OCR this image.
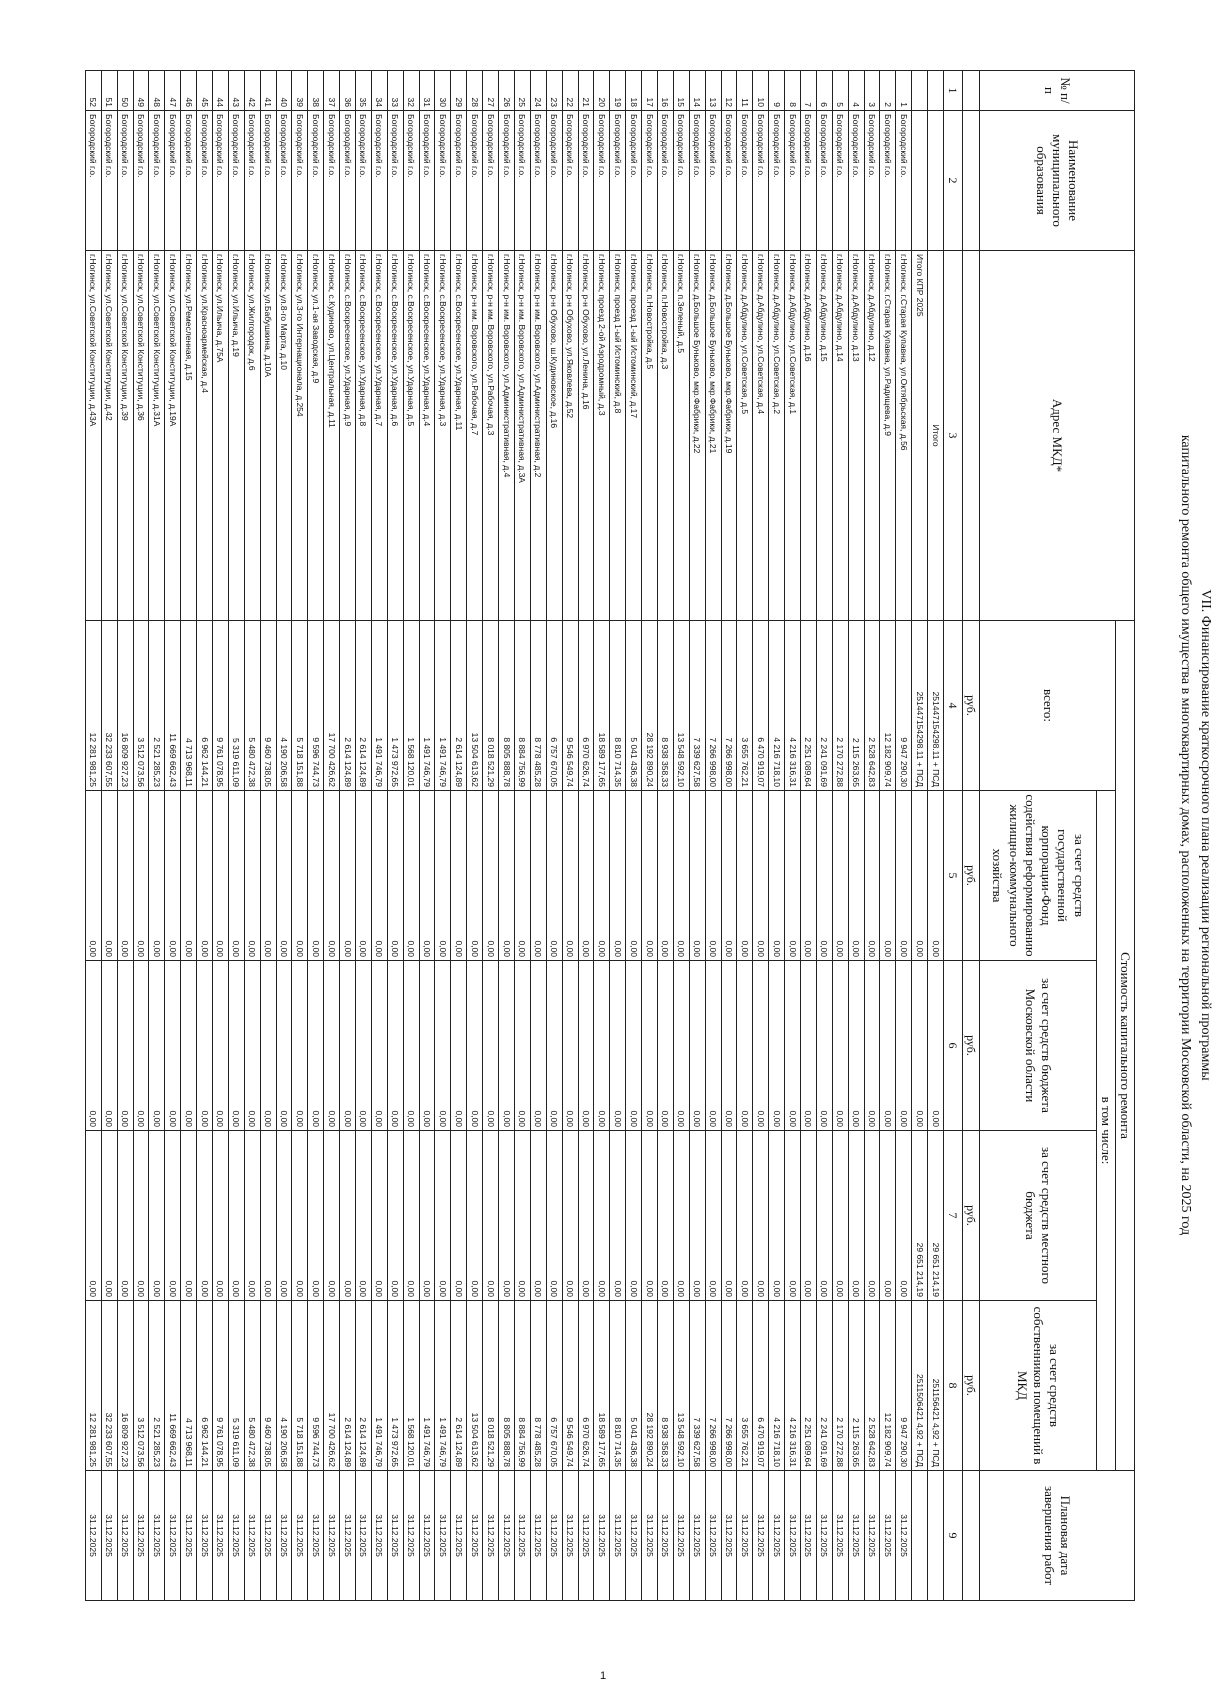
VII. Финансирование краткосрочного плана реализации региональной программы
капитального ремонта общего имущества в многоквартирных домах, расположенных на территории Московской области, на 2025 год
№ п/п	Наименование муниципального образования	Адрес МКД*	Стоимость капитального ремонта					Плановая дата завершения работ
			всего:	в том числе:				
				за счет средств государственной корпорации-Фонд содействия реформированию жилищно-коммунального хозяйства	за счет средств бюджета Московской области	за счет средств местного бюджета	за счет средств собственников помещений в МКД	
			руб.	руб.	руб.	руб.	руб.	
1	2	3	4	5	6	7	8	9
		Итого	251447154298.11 + ПСД	0,00	0,00	29 651 214,19	251156421 4,92 + ПСД	
		Итого КПР 2025	251447154298.11 + ПСД	0,00	0,00	29 651 214,19	2511506421 4,92 + ПСД	
1	Богородский г.о.	г.Ногинск, г.Старая Купавна, ул.Октябрьская, д.56	9 947 290,30	0,00	0,00	0,00	9 947 290,30	31.12.2025
2	Богородский г.о.	г.Ногинск, г.Старая Купавна, ул.Радищева, д.9	12 182 909,74	0,00	0,00	0,00	12 182 909,74	31.12.2025
3	Богородский г.о.	г.Ногинск, д.Абдулино, д.12	2 528 642,83	0,00	0,00	0,00	2 528 642,83	31.12.2025
4	Богородский г.о.	г.Ногинск, д.Абдулино, д.13	2 115 263,65	0,00	0,00	0,00	2 115 263,65	31.12.2025
5	Богородский г.о.	г.Ногинск, д.Абдулино, д.14	2 170 272,88	0,00	0,00	0,00	2 170 272,88	31.12.2025
6	Богородский г.о.	г.Ногинск, д.Абдулино, д.15	2 241 091,69	0,00	0,00	0,00	2 241 091,69	31.12.2025
7	Богородский г.о.	г.Ногинск, д.Абдулино, д.16	2 251 089,64	0,00	0,00	0,00	2 251 089,64	31.12.2025
8	Богородский г.о.	г.Ногинск, д.Абдулино, ул.Советская, д.1	4 216 316,31	0,00	0,00	0,00	4 216 316,31	31.12.2025
9	Богородский г.о.	г.Ногинск, д.Абдулино, ул.Советская, д.2	4 216 718,10	0,00	0,00	0,00	4 216 718,10	31.12.2025
10	Богородский г.о.	г.Ногинск, д.Абдулино, ул.Советская, д.4	6 470 919,07	0,00	0,00	0,00	6 470 919,07	31.12.2025
11	Богородский г.о.	г.Ногинск, д.Абдулино, ул.Советская, д.5	3 655 762,21	0,00	0,00	0,00	3 655 762,21	31.12.2025
12	Богородский г.о.	г.Ногинск, д.Большое Буньково, мкр.Фабрики, д.19	7 266 998,00	0,00	0,00	0,00	7 266 998,00	31.12.2025
13	Богородский г.о.	г.Ногинск, д.Большое Буньково, мкр.Фабрики, д.21	7 266 998,00	0,00	0,00	0,00	7 266 998,00	31.12.2025
14	Богородский г.о.	г.Ногинск, д.Большое Буньково, мкр.Фабрики, д.22	7 339 627,58	0,00	0,00	0,00	7 339 627,58	31.12.2025
15	Богородский г.о.	г.Ногинск, п.Зеленый, д.5	13 548 592,10	0,00	0,00	0,00	13 548 592,10	31.12.2025
16	Богородский г.о.	г.Ногинск, п.Новостройка, д.3	8 938 358,33	0,00	0,00	0,00	8 938 358,33	31.12.2025
17	Богородский г.о.	г.Ногинск, п.Новостройка, д.5	28 192 890,24	0,00	0,00	0,00	28 192 890,24	31.12.2025
18	Богородский г.о.	г.Ногинск, проезд 1-ый Истоминский, д.17	5 041 436,38	0,00	0,00	0,00	5 041 436,38	31.12.2025
19	Богородский г.о.	г.Ногинск, проезд 1-ый Истоминский, д.8	8 810 714,35	0,00	0,00	0,00	8 810 714,35	31.12.2025
20	Богородский г.о.	г.Ногинск, проезд 2-ой Аэродромный, д.3	18 589 177,65	0,00	0,00	0,00	18 589 177,65	31.12.2025
21	Богородский г.о.	г.Ногинск, р-н Обухово, ул.Ленина, д.16	6 970 626,74	0,00	0,00	0,00	6 970 626,74	31.12.2025
22	Богородский г.о.	г.Ногинск, р-н Обухово, ул.Яковлева, д.52	9 546 549,74	0,00	0,00	0,00	9 546 549,74	31.12.2025
23	Богородский г.о.	г.Ногинск, р-н Обухово, ш.Кудиновское, д.16	6 757 670,05	0,00	0,00	0,00	6 757 670,05	31.12.2025
24	Богородский г.о.	г.Ногинск, р-н им. Воровского, ул.Административная, д.2	8 778 485,28	0,00	0,00	0,00	8 778 485,28	31.12.2025
25	Богородский г.о.	г.Ногинск, р-н им. Воровского, ул.Административная, д.3А	8 884 756,99	0,00	0,00	0,00	8 884 756,99	31.12.2025
26	Богородский г.о.	г.Ногинск, р-н им. Воровского, ул.Административная, д.4	8 805 888,78	0,00	0,00	0,00	8 805 888,78	31.12.2025
27	Богородский г.о.	г.Ногинск, р-н им. Воровского, ул.Рабочая, д.3	8 018 521,29	0,00	0,00	0,00	8 018 521,29	31.12.2025
28	Богородский г.о.	г.Ногинск, р-н им. Воровского, ул.Рабочая, д.7	13 504 613,62	0,00	0,00	0,00	13 504 613,62	31.12.2025
29	Богородский г.о.	г.Ногинск, с.Воскресенское, ул.Ударная, д.11	2 614 124,89	0,00	0,00	0,00	2 614 124,89	31.12.2025
30	Богородский г.о.	г.Ногинск, с.Воскресенское, ул.Ударная, д.3	1 491 746,79	0,00	0,00	0,00	1 491 746,79	31.12.2025
31	Богородский г.о.	г.Ногинск, с.Воскресенское, ул.Ударная, д.4	1 491 746,79	0,00	0,00	0,00	1 491 746,79	31.12.2025
32	Богородский г.о.	г.Ногинск, с.Воскресенское, ул.Ударная, д.5	1 568 120,01	0,00	0,00	0,00	1 568 120,01	31.12.2025
33	Богородский г.о.	г.Ногинск, с.Воскресенское, ул.Ударная, д.6	1 473 972,65	0,00	0,00	0,00	1 473 972,65	31.12.2025
34	Богородский г.о.	г.Ногинск, с.Воскресенское, ул.Ударная, д.7	1 491 746,79	0,00	0,00	0,00	1 491 746,79	31.12.2025
35	Богородский г.о.	г.Ногинск, с.Воскресенское, ул.Ударная, д.8	2 614 124,89	0,00	0,00	0,00	2 614 124,89	31.12.2025
36	Богородский г.о.	г.Ногинск, с.Воскресенское, ул.Ударная, д.9	2 614 124,89	0,00	0,00	0,00	2 614 124,89	31.12.2025
37	Богородский г.о.	г.Ногинск, с.Кудиново, ул.Центральная, д.11	17 700 426,62	0,00	0,00	0,00	17 700 426,62	31.12.2025
38	Богородский г.о.	г.Ногинск, ул.1-ая Заводская, д.9	9 596 744,73	0,00	0,00	0,00	9 596 744,73	31.12.2025
39	Богородский г.о.	г.Ногинск, ул.3-го Интернационала, д.254	5 718 151,88	0,00	0,00	0,00	5 718 151,88	31.12.2025
40	Богородский г.о.	г.Ногинск, ул.8-го Марта, д.10	4 190 206,58	0,00	0,00	0,00	4 190 206,58	31.12.2025
41	Богородский г.о.	г.Ногинск, ул.Бабушкина, д.10А	9 460 738,05	0,00	0,00	0,00	9 460 738,05	31.12.2025
42	Богородский г.о.	г.Ногинск, ул.Жилгородок, д.6	5 480 472,38	0,00	0,00	0,00	5 480 472,38	31.12.2025
43	Богородский г.о.	г.Ногинск, ул.Ильича, д.19	5 319 611,09	0,00	0,00	0,00	5 319 611,09	31.12.2025
44	Богородский г.о.	г.Ногинск, ул.Ильича, д.75А	9 761 078,95	0,00	0,00	0,00	9 761 078,95	31.12.2025
45	Богородский г.о.	г.Ногинск, ул.Красноармейская, д.4	6 962 144,21	0,00	0,00	0,00	6 962 144,21	31.12.2025
46	Богородский г.о.	г.Ногинск, ул.Ремесленная, д.15	4 713 968,11	0,00	0,00	0,00	4 713 968,11	31.12.2025
47	Богородский г.о.	г.Ногинск, ул.Советской Конституции, д.19А	11 669 662,43	0,00	0,00	0,00	11 669 662,43	31.12.2025
48	Богородский г.о.	г.Ногинск, ул.Советской Конституции, д.31А	2 521 285,23	0,00	0,00	0,00	2 521 285,23	31.12.2025
49	Богородский г.о.	г.Ногинск, ул.Советской Конституции, д.36	3 512 073,56	0,00	0,00	0,00	3 512 073,56	31.12.2025
50	Богородский г.о.	г.Ногинск, ул.Советской Конституции, д.39	16 809 927,23	0,00	0,00	0,00	16 809 927,23	31.12.2025
51	Богородский г.о.	г.Ногинск, ул.Советской Конституции, д.42	32 233 607,55	0,00	0,00	0,00	32 233 607,55	31.12.2025
52	Богородский г.о.	г.Ногинск, ул.Советской Конституции, д.43А	12 281 981,25	0,00	0,00	0,00	12 281 981,25	31.12.2025
1
